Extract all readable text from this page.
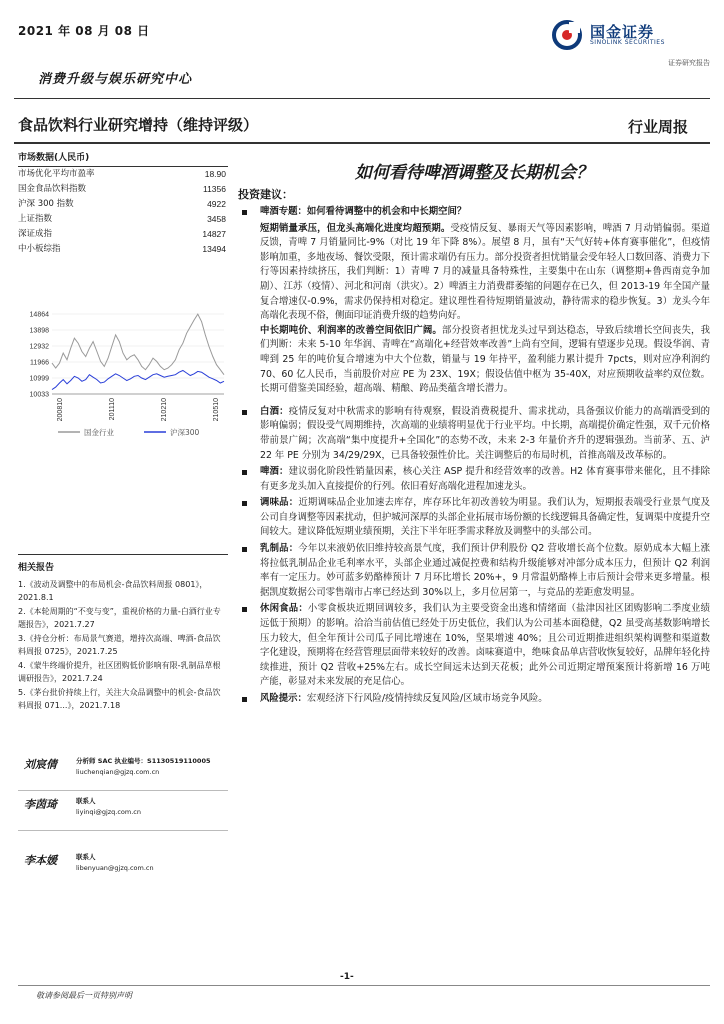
2021 年 08 月 08 日	国金证券
SINOLINK SECURITIES
证券研究报告
消费升级与娱乐研究中心
食品饮料行业研究增持（维持评级）	行业周报
市场数据(人民币)
市场优化平均市盈率	18.90
国金食品饮料指数	11356
沪深 300 指数	4922
上证指数	3458
深证成指	14827
中小板综指	13494
14864
13898
12932
11966
10999
10033
200810	201110	210210	210510
国金行业	沪深300
相关报告
1.《波动及调整中的布局机会-食品饮料周报 0801》，2021.8.1
2.《本轮周期的“不变与变”，重视价格的力量-白酒行业专题报告》，2021.7.27
3.《持仓分析：布局景气赛道，增持次高端、啤酒-食品饮料周报 0725》，2021.7.25
4.《蒙牛终端价提升，社区团购低价影响有限-乳制品草根调研报告》，2021.7.24
5.《茅台批价持续上行，关注大众品调整中的机会-食品饮料周报 071...》，2021.7.18
刘宸倩	分析师 SAC 执业编号：S1130519110005
liuchenqian@gjzq.com.cn
李茵琦	联系人
liyinqi@gjzq.com.cn
李本媛	联系人
libenyuan@gjzq.com.cn
如何看待啤酒调整及长期机会？
投资建议：
啤酒专题：如何看待调整中的机会和中长期空间？
短期销量承压，但龙头高端化进度均超预期。受疫情反复、暴雨天气等因素影响，啤酒 7 月动销偏弱。渠道反馈，青啤 7 月销量同比-9%（对比 19 年下降 8%）。展望 8 月，虽有“天气好转+体育赛事催化”，但疫情影响加重，多地夜场、餐饮受限，预计需求端仍有压力。部分投资者担忧销量会受年轻人口数回落、消费力下行等因素持续挤压，我们判断：1）青啤 7 月的减量具备特殊性，主要集中在山东（调整期+鲁西南竞争加剧）、江苏（疫情）、河北和河南（洪灾）。2）啤酒主力消费群萎缩的问题存在已久，但 2013-19 年全国产量复合增速仅-0.9%，需求仍保持相对稳定。建议理性看待短期销量波动，静待需求的稳步恢复。3）龙头今年高端化表现不俗，侧面印证消费升级的趋势向好。
中长期吨价、利润率的改善空间依旧广阔。部分投资者担忧龙头过早到达稳态，导致后续增长空间丧失，我们判断：未来 5-10 年华润、青啤在“高端化+经营效率改善”上尚有空间，逻辑有望逐步兑现。假设华润、青啤到 25 年的吨价复合增速为中大个位数，销量与 19 年持平，盈利能力累计提升 7pcts，则对应净利润约 70、60 亿人民币，当前股价对应 PE 为 23X、19X；假设估值中枢为 35-40X，对应预期收益率约双位数。长期可借鉴美国经验，超高端、精酿、跨品类蕴含增长潜力。
白酒：疫情反复对中秋需求的影响有待观察，假设消费税提升、需求扰动，具备强议价能力的高端酒受到的影响偏弱；假设受气周期维持，次高端的业绩将明显优于行业平均。中长期，高端提价确定性强，双千元价格带前景广阔；次高端“集中度提升+全国化”的态势不改，未来 2-3 年量价齐升的逻辑强劲。当前茅、五、泸 22 年 PE 分别为 34/29/29X，已具备较强性价比。关注调整后的布局时机，首推高端及改革标的。
啤酒：建议弱化阶段性销量因素，核心关注 ASP 提升和经营效率的改善。H2 体育赛事带来催化，且不排除有更多龙头加入直接提价的行列。依旧看好高端化进程加速龙头。
调味品：近期调味品企业加速去库存，库存环比年初改善较为明显。我们认为，短期报表端受行业景气度及公司自身调整等因素扰动，但护城河深厚的头部企业拓展市场份额的长线逻辑具备确定性，复调渠中度提升空间较大。建议降低短期业绩预期，关注下半年旺季需求释放及调整中的头部公司。
乳制品：今年以来液奶依旧维持较高景气度，我们预计伊利股份 Q2 营收增长高个位数。原奶成本大幅上涨将拉低乳制品企业毛利率水平，头部企业通过减促控费和结构升级能够对冲部分成本压力，但预计 Q2 利润率有一定压力。妙可蓝多奶酪棒预计 7 月环比增长 20%+，9 月常温奶酪棒上市后预计会带来更多增量。根据凯度数据公司零售端市占率已经达到 30%以上，多月位居第一，与竞品的差距愈发明显。
休闲食品：小零食板块近期回调较多，我们认为主要受资金出逃和情绪面（盐津因社区团购影响二季度业绩远低于预期）的影响。洽洽当前估值已经处于历史低位，我们认为公司基本面稳健，Q2 虽受高基数影响增长压力较大，但全年预计公司瓜子同比增速在 10%，坚果增速 40%；且公司近期推进组织架构调整和渠道数字化建设，预期将在经营管理层面带来较好的改善。卤味赛道中，绝味食品单店营收恢复较好，品牌年轻化持续推进，预计 Q2 营收+25%左右。成长空间远未达到天花板；此外公司近期定增预案预计将新增 16 万吨产能，彰显对未来发展的充足信心。
风险提示：宏观经济下行风险/疫情持续反复风险/区域市场竞争风险。
-1-
敬请参阅最后一页特别声明
